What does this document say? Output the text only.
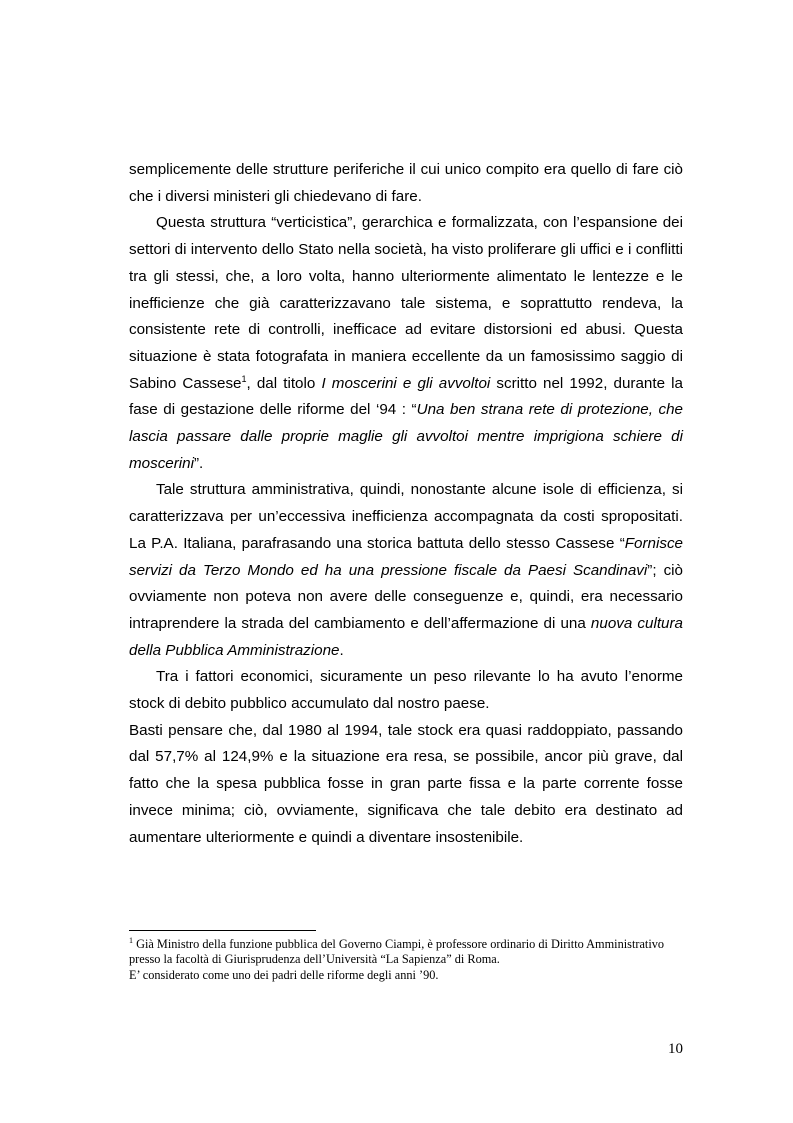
semplicemente delle strutture periferiche il cui unico compito era quello di fare ciò che i diversi ministeri gli chiedevano di fare.

Questa struttura “verticistica”, gerarchica e formalizzata, con l’espansione dei settori di intervento dello Stato nella società, ha visto proliferare gli uffici e i conflitti tra gli stessi, che, a loro volta, hanno ulteriormente alimentato le lentezze e le inefficienze che già caratterizzavano tale sistema, e soprattutto rendeva, la consistente rete di controlli, inefficace ad evitare distorsioni ed abusi. Questa situazione è stata fotografata in maniera eccellente da un famosissimo saggio di Sabino Cassese$^1$, dal titolo I moscerini e gli avvoltoi scritto nel 1992, durante la fase di gestazione delle riforme del ‘94 : “Una ben strana rete di protezione, che lascia passare dalle proprie maglie gli avvoltoi mentre imprigiona schiere di moscerini”.

Tale struttura amministrativa, quindi, nonostante alcune isole di efficienza, si caratterizzava per un’eccessiva inefficienza accompagnata da costi spropositati. La P.A. Italiana, parafrasando una storica battuta dello stesso Cassese “Fornisce servizi da Terzo Mondo ed ha una pressione fiscale da Paesi Scandinavi”; ciò ovviamente non poteva non avere delle conseguenze e, quindi, era necessario intraprendere la strada del cambiamento e dell’affermazione di una nuova cultura della Pubblica Amministrazione.

Tra i fattori economici, sicuramente un peso rilevante lo ha avuto l’enorme stock di debito pubblico accumulato dal nostro paese.

Basti pensare che, dal 1980 al 1994, tale stock era quasi raddoppiato, passando dal 57,7% al 124,9% e la situazione era resa, se possibile, ancor più grave, dal fatto che la spesa pubblica fosse in gran parte fissa e la parte corrente fosse invece minima; ciò, ovviamente, significava che tale debito era destinato ad aumentare ulteriormente e quindi a diventare insostenibile.

$^1$ Già Ministro della funzione pubblica del Governo Ciampi, è professore ordinario di Diritto Amministrativo presso la facoltà di Giurisprudenza dell’Università “La Sapienza” di Roma.
E’ considerato come uno dei padri delle riforme degli anni ’90.
10
